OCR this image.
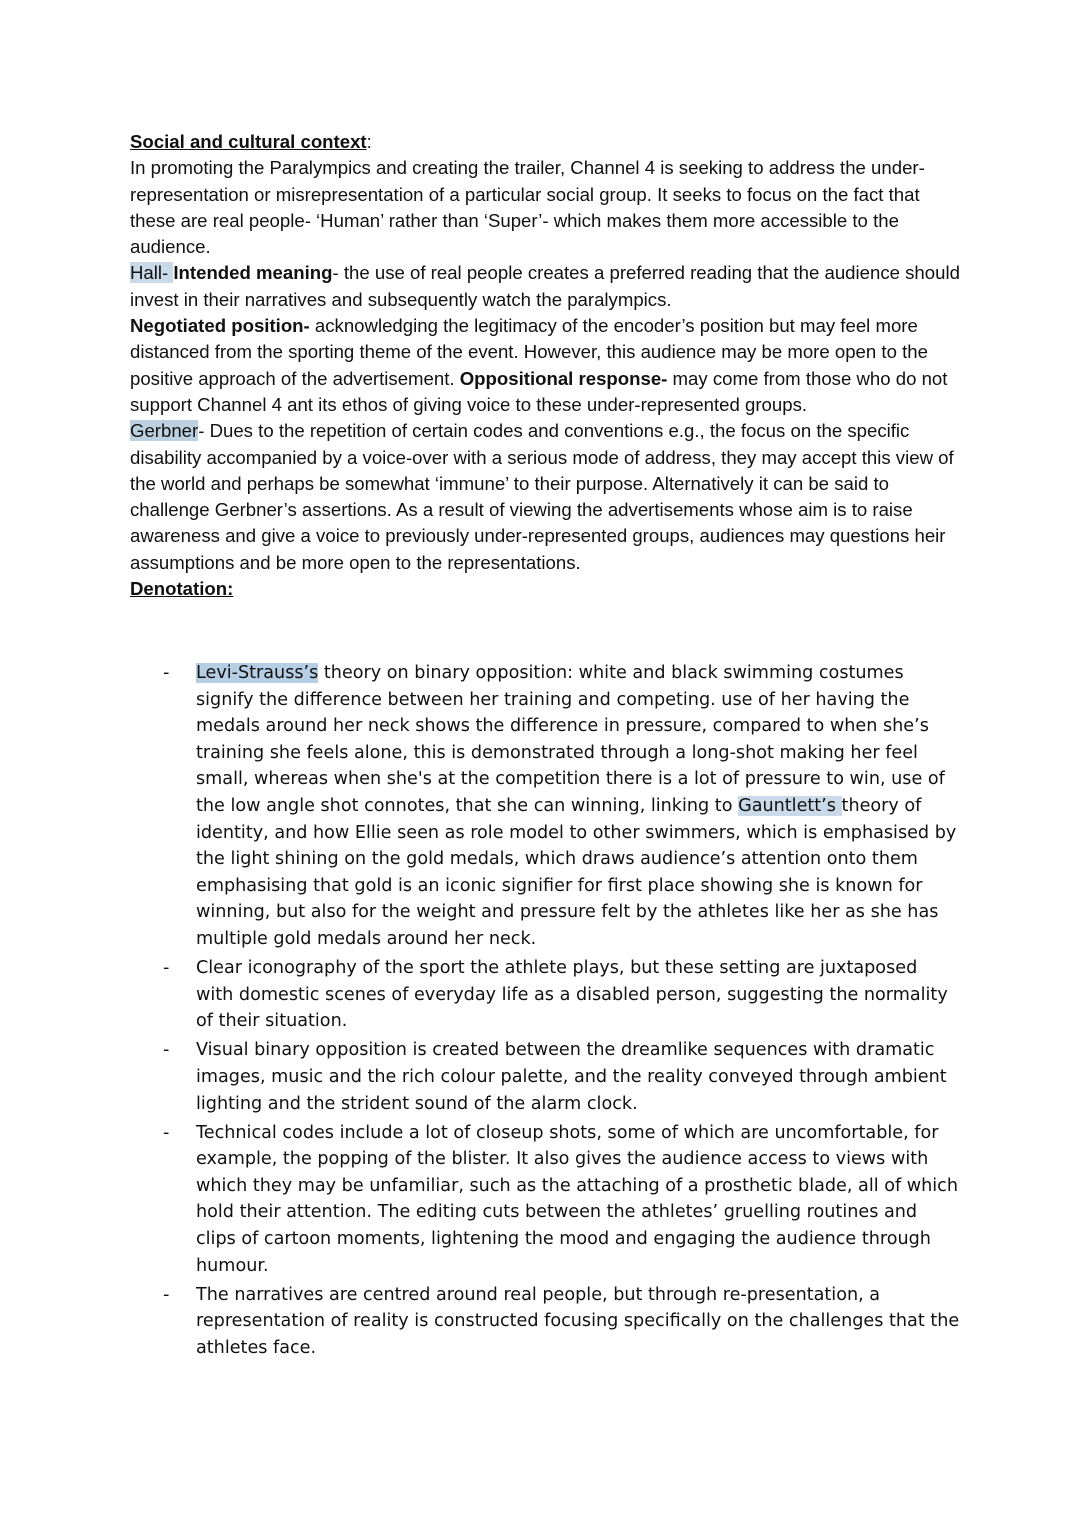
Social and cultural context:

In promoting the Paralympics and creating the trailer, Channel 4 is seeking to address the under-representation or misrepresentation of a particular social group. It seeks to focus on the fact that these are real people- ‘Human’ rather than ‘Super’- which makes them more accessible to the audience.

Hall- Intended meaning- the use of real people creates a preferred reading that the audience should invest in their narratives and subsequently watch the paralympics.
Negotiated position- acknowledging the legitimacy of the encoder’s position but may feel more distanced from the sporting theme of the event. However, this audience may be more open to the positive approach of the advertisement. Oppositional response- may come from those who do not support Channel 4 ant its ethos of giving voice to these under-represented groups.

Gerbner- Dues to the repetition of certain codes and conventions e.g., the focus on the specific disability accompanied by a voice-over with a serious mode of address, they may accept this view of the world and perhaps be somewhat ‘immune’ to their purpose. Alternatively it can be said to challenge Gerbner’s assertions. As a result of viewing the advertisements whose aim is to raise awareness and give a voice to previously under-represented groups, audiences may questions heir assumptions and be more open to the representations.

Denotation:

- Levi-Strauss’s theory on binary opposition: white and black swimming costumes signify the difference between her training and competing. use of her having the medals around her neck shows the difference in pressure, compared to when she’s training she feels alone, this is demonstrated through a long-shot making her feel small, whereas when she's at the competition there is a lot of pressure to win, use of the low angle shot connotes, that she can winning, linking to Gauntlett’s theory of identity, and how Ellie seen as role model to other swimmers, which is emphasised by the light shining on the gold medals, which draws audience’s attention onto them emphasising that gold is an iconic signifier for first place showing she is known for winning, but also for the weight and pressure felt by the athletes like her as she has multiple gold medals around her neck.
- Clear iconography of the sport the athlete plays, but these setting are juxtaposed with domestic scenes of everyday life as a disabled person, suggesting the normality of their situation.
- Visual binary opposition is created between the dreamlike sequences with dramatic images, music and the rich colour palette, and the reality conveyed through ambient lighting and the strident sound of the alarm clock.
- Technical codes include a lot of closeup shots, some of which are uncomfortable, for example, the popping of the blister. It also gives the audience access to views with which they may be unfamiliar, such as the attaching of a prosthetic blade, all of which hold their attention. The editing cuts between the athletes’ gruelling routines and clips of cartoon moments, lightening the mood and engaging the audience through humour.
- The narratives are centred around real people, but through re-presentation, a representation of reality is constructed focusing specifically on the challenges that the athletes face.
